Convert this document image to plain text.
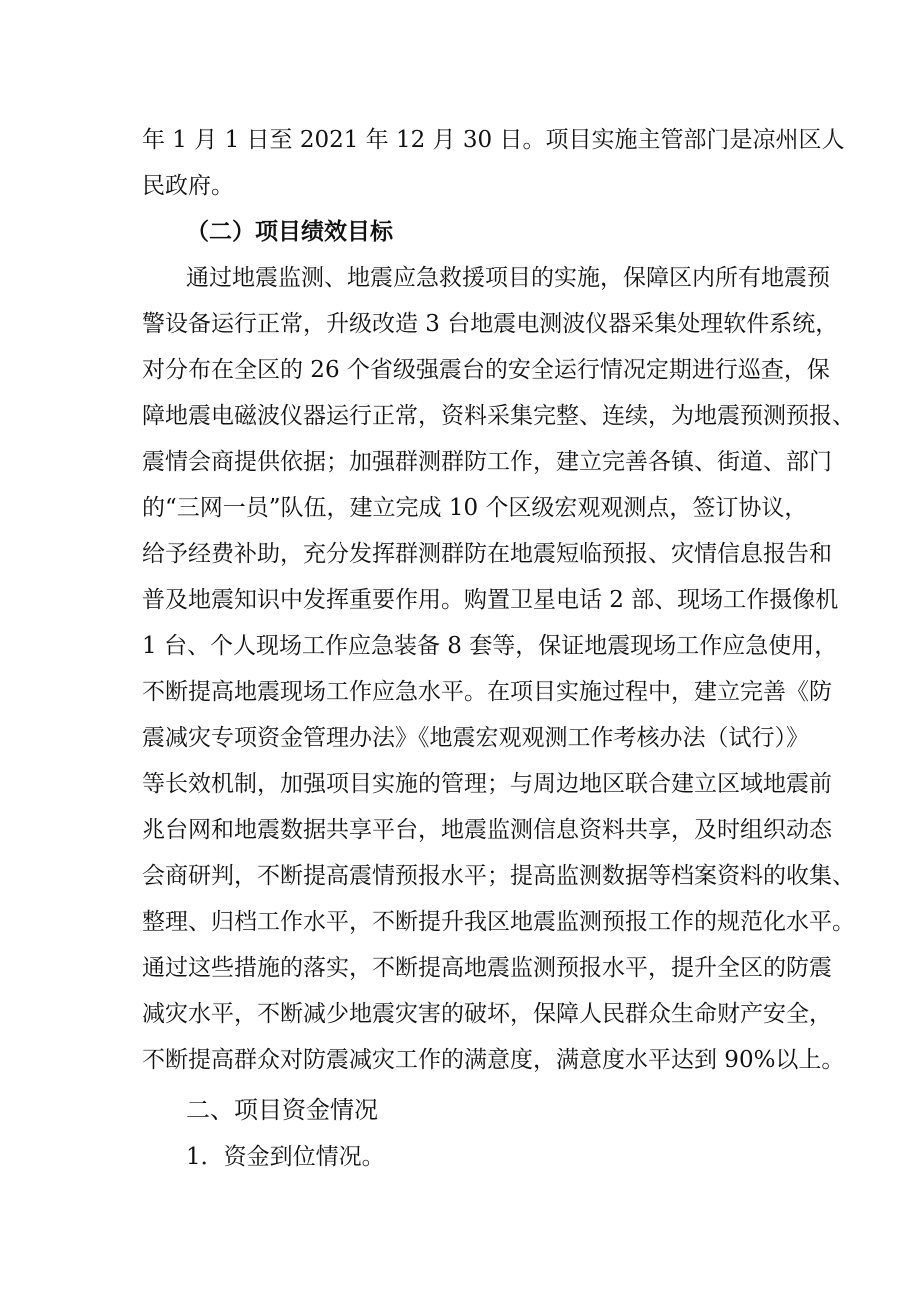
年 1 月 1 日至 2021 年 12 月 30 日。项目实施主管部门是凉州区人
民政府。
（二）项目绩效目标
通过地震监测、地震应急救援项目的实施，保障区内所有地震预
警设备运行正常，升级改造 3 台地震电测波仪器采集处理软件系统，
对分布在全区的 26 个省级强震台的安全运行情况定期进行巡查，保
障地震电磁波仪器运行正常，资料采集完整、连续，为地震预测预报、
震情会商提供依据；加强群测群防工作，建立完善各镇、街道、部门
的“三网一员”队伍，建立完成 10 个区级宏观观测点，签订协议，
给予经费补助，充分发挥群测群防在地震短临预报、灾情信息报告和
普及地震知识中发挥重要作用。购置卫星电话 2 部、现场工作摄像机
1 台、个人现场工作应急装备 8 套等，保证地震现场工作应急使用，
不断提高地震现场工作应急水平。在项目实施过程中，建立完善《防
震减灾专项资金管理办法》《地震宏观观测工作考核办法（试行）》
等长效机制，加强项目实施的管理；与周边地区联合建立区域地震前
兆台网和地震数据共享平台，地震监测信息资料共享，及时组织动态
会商研判，不断提高震情预报水平；提高监测数据等档案资料的收集、
整理、归档工作水平，不断提升我区地震监测预报工作的规范化水平。
通过这些措施的落实，不断提高地震监测预报水平，提升全区的防震
减灾水平，不断减少地震灾害的破坏，保障人民群众生命财产安全，
不断提高群众对防震减灾工作的满意度，满意度水平达到 90%以上。
二、项目资金情况
1．资金到位情况。
